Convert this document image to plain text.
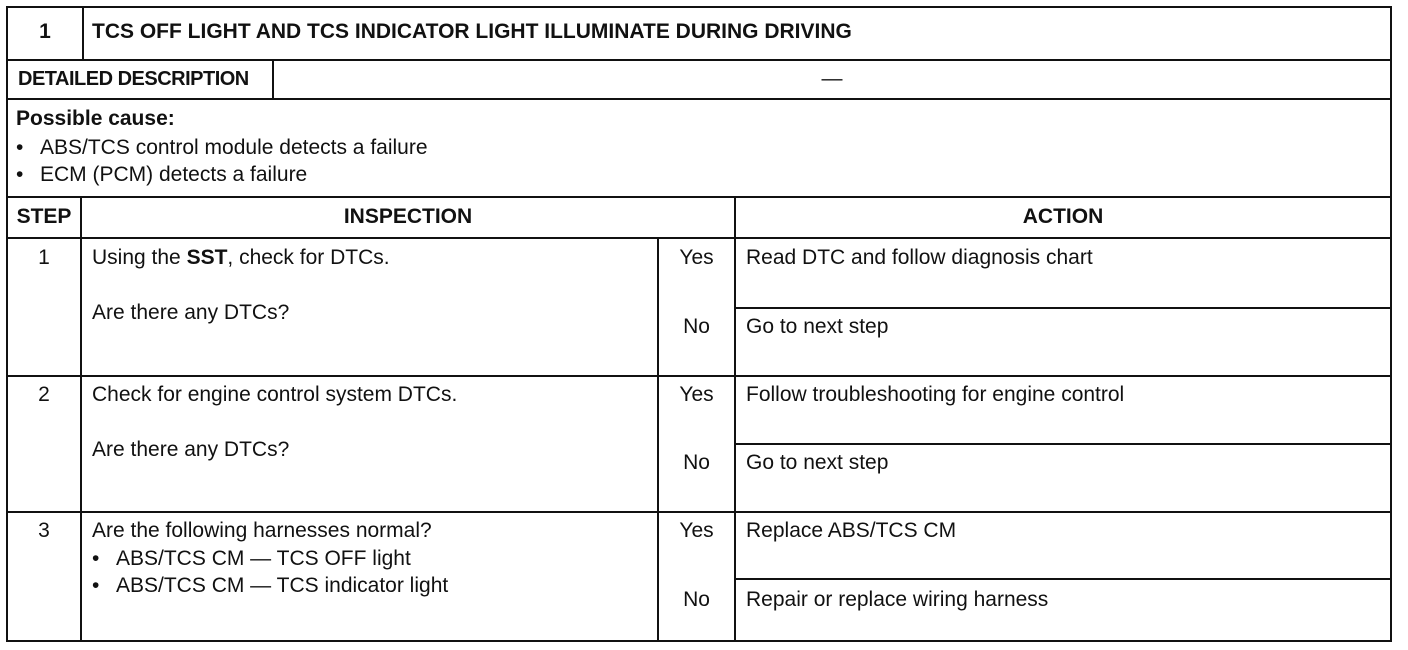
1	TCS OFF LIGHT AND TCS INDICATOR LIGHT ILLUMINATE DURING DRIVING
DETAILED DESCRIPTION	—
Possible cause:
• ABS/TCS control module detects a failure
• ECM (PCM) detects a failure
STEP	INSPECTION	ACTION
1	Using the SST, check for DTCs.
Are there any DTCs?
Yes	Read DTC and follow diagnosis chart
No	Go to next step
2	Check for engine control system DTCs.
Are there any DTCs?
Yes	Follow troubleshooting for engine control
No	Go to next step
3	Are the following harnesses normal?
• ABS/TCS CM — TCS OFF light
• ABS/TCS CM — TCS indicator light
Yes	Replace ABS/TCS CM
No	Repair or replace wiring harness
